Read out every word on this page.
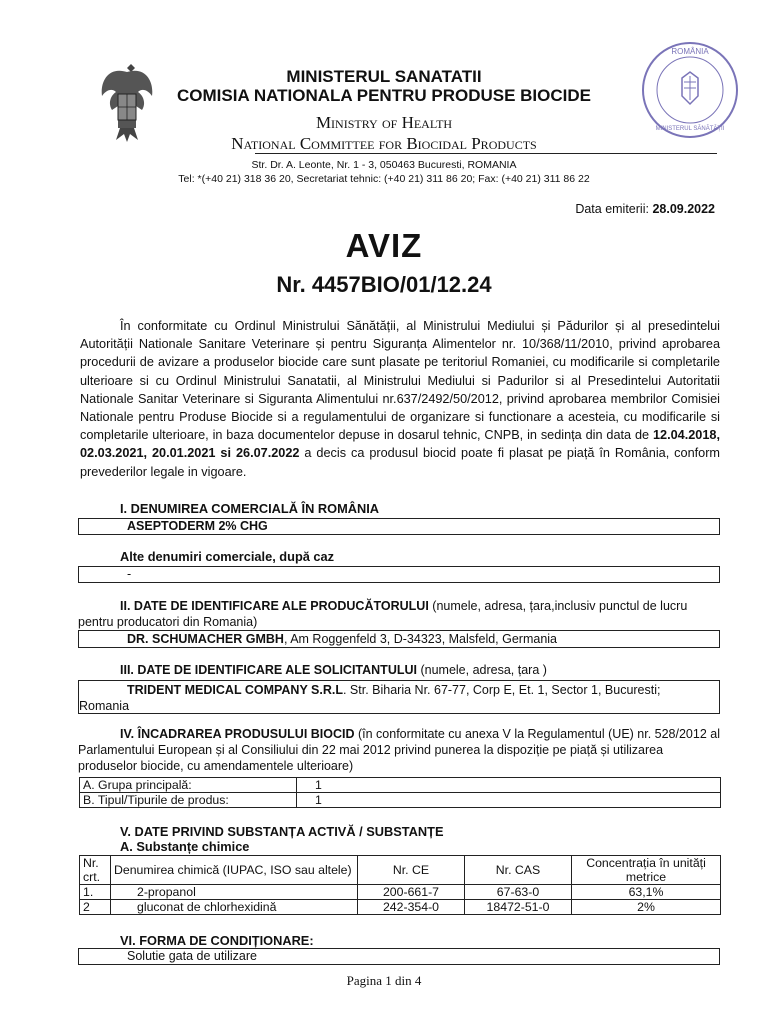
ROMÂNIA
MINISTERUL SĂNĂTĂȚII
MINISTERUL SANATATII
COMISIA NATIONALA PENTRU PRODUSE BIOCIDE
Ministry of Health
National Committee for Biocidal Products
Str. Dr. A. Leonte, Nr. 1 - 3, 050463 Bucuresti, ROMANIA
Tel: *(+40 21) 318 36 20, Secretariat tehnic: (+40 21) 311 86 20; Fax: (+40 21) 311 86 22
Data emiterii: 28.09.2022
AVIZ
Nr. 4457BIO/01/12.24

În conformitate cu Ordinul Ministrului Sănătății, al Ministrului Mediului și Pădurilor și al presedintelui Autorității Nationale Sanitare Veterinare și pentru Siguranța Alimentelor nr. 10/368/11/2010, privind aprobarea procedurii de avizare a produselor biocide care sunt plasate pe teritoriul Romaniei, cu modificarile si completarile ulterioare si cu Ordinul Ministrului Sanatatii, al Ministrului Mediului si Padurilor si al Presedintelui Autoritatii Nationale Sanitar Veterinare si Siguranta Alimentului nr.637/2492/50/2012, privind aprobarea membrilor Comisiei Nationale pentru Produse Biocide si a regulamentului de organizare si functionare a acesteia, cu modificarile si completarile ulterioare, in baza documentelor depuse in dosarul tehnic, CNPB, in sedința din data de 12.04.2018, 02.03.2021, 20.01.2021 si 26.07.2022 a decis ca produsul biocid poate fi plasat pe piață în România, conform prevederilor legale in vigoare.

I. DENUMIREA COMERCIALĂ ÎN ROMÂNIA
ASEPTODERM 2% CHG
Alte denumiri comerciale, după caz
-
II. DATE DE IDENTIFICARE ALE PRODUCĂTORULUI (numele, adresa, țara,inclusiv punctul de lucru pentru producatori din Romania)
DR. SCHUMACHER GMBH, Am Roggenfeld 3, D-34323, Malsfeld, Germania
III. DATE DE IDENTIFICARE ALE SOLICITANTULUI (numele, adresa, țara )
TRIDENT MEDICAL COMPANY S.R.L. Str. Biharia Nr. 67-77, Corp E, Et. 1, Sector 1, Bucuresti; Romania
IV. ÎNCADRAREA PRODUSULUI BIOCID (în conformitate cu anexa V la Regulamentul (UE) nr. 528/2012 al Parlamentului European și al Consiliului din 22 mai 2012 privind punerea la dispoziție pe piață și utilizarea produselor biocide, cu amendamentele ulterioare)
A. Grupa principală:	1
B. Tipul/Tipurile de produs:	1
V. DATE PRIVIND SUBSTANȚA ACTIVĂ / SUBSTANȚE
A. Substanțe chimice
Nr. crt.	Denumirea chimică (IUPAC, ISO sau altele)	Nr. CE	Nr. CAS	Concentrația în unități metrice
1.	2-propanol	200-661-7	67-63-0	63,1%
2	gluconat de chlorhexidină	242-354-0	18472-51-0	2%
VI. FORMA DE CONDIȚIONARE:
Solutie gata de utilizare
Pagina 1 din 4
